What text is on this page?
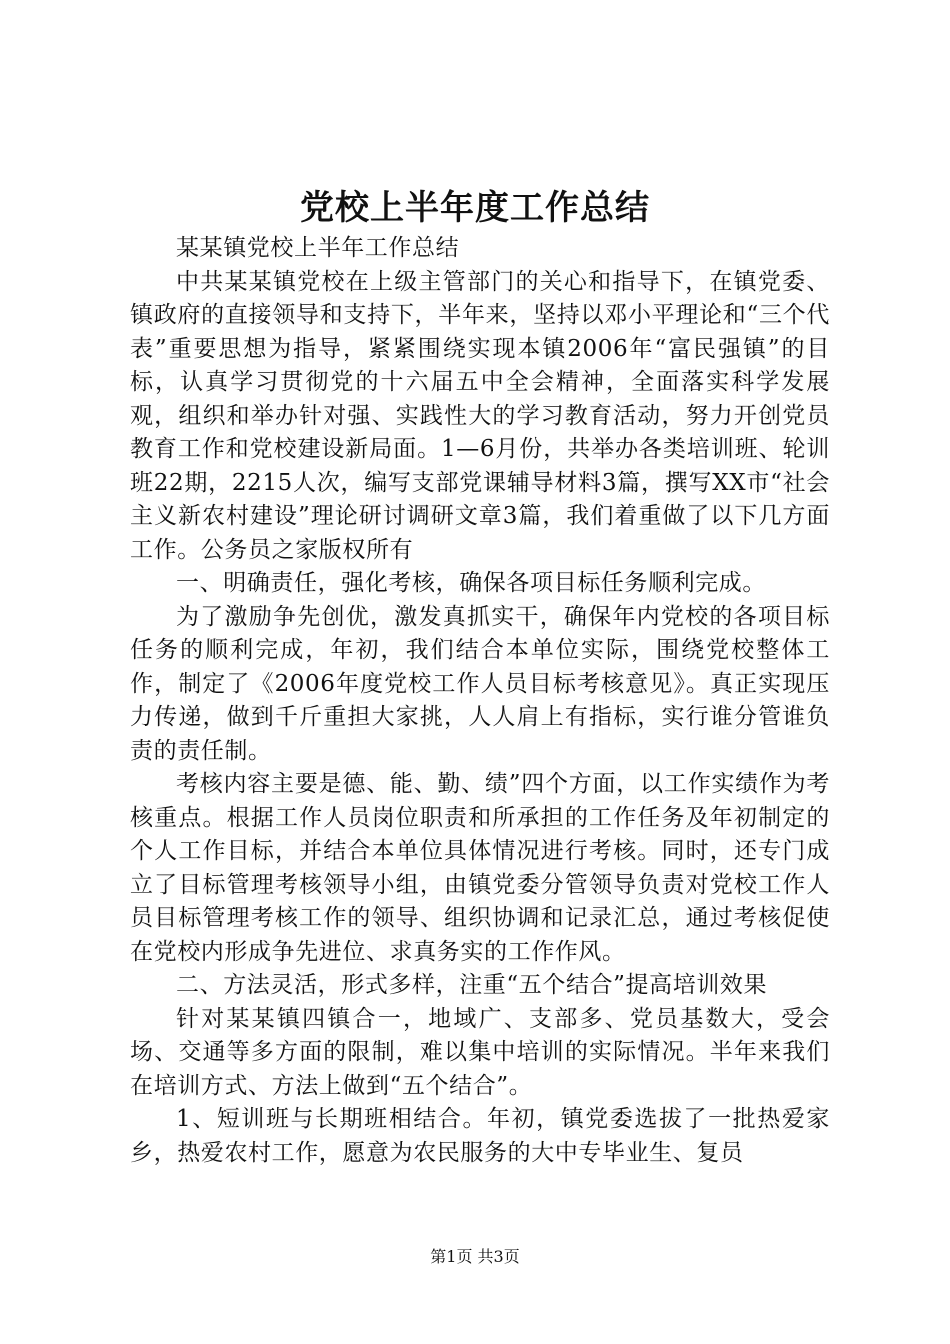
党校上半年度工作总结

某某镇党校上半年工作总结

中共某某镇党校在上级主管部门的关心和指导下，在镇党委、镇政府的直接领导和支持下，半年来，坚持以邓小平理论和“三个代表”重要思想为指导，紧紧围绕实现本镇2006年“富民强镇”的目标，认真学习贯彻党的十六届五中全会精神，全面落实科学发展观，组织和举办针对强、实践性大的学习教育活动，努力开创党员教育工作和党校建设新局面。1—6月份，共举办各类培训班、轮训班22期，2215人次，编写支部党课辅导材料3篇，撰写XX市“社会主义新农村建设”理论研讨调研文章3篇，我们着重做了以下几方面工作。公务员之家版权所有

一、明确责任，强化考核，确保各项目标任务顺利完成。

为了激励争先创优，激发真抓实干，确保年内党校的各项目标任务的顺利完成，年初，我们结合本单位实际，围绕党校整体工作，制定了《2006年度党校工作人员目标考核意见》。真正实现压力传递，做到千斤重担大家挑，人人肩上有指标，实行谁分管谁负责的责任制。

考核内容主要是德、能、勤、绩”四个方面，以工作实绩作为考核重点。根据工作人员岗位职责和所承担的工作任务及年初制定的个人工作目标，并结合本单位具体情况进行考核。同时，还专门成立了目标管理考核领导小组，由镇党委分管领导负责对党校工作人员目标管理考核工作的领导、组织协调和记录汇总，通过考核促使在党校内形成争先进位、求真务实的工作作风。

二、方法灵活，形式多样，注重“五个结合”提高培训效果

针对某某镇四镇合一，地域广、支部多、党员基数大，受会场、交通等多方面的限制，难以集中培训的实际情况。半年来我们在培训方式、方法上做到“五个结合”。

1、短训班与长期班相结合。年初，镇党委选拔了一批热爱家乡，热爱农村工作，愿意为农民服务的大中专毕业生、复员

第1页 共3页
